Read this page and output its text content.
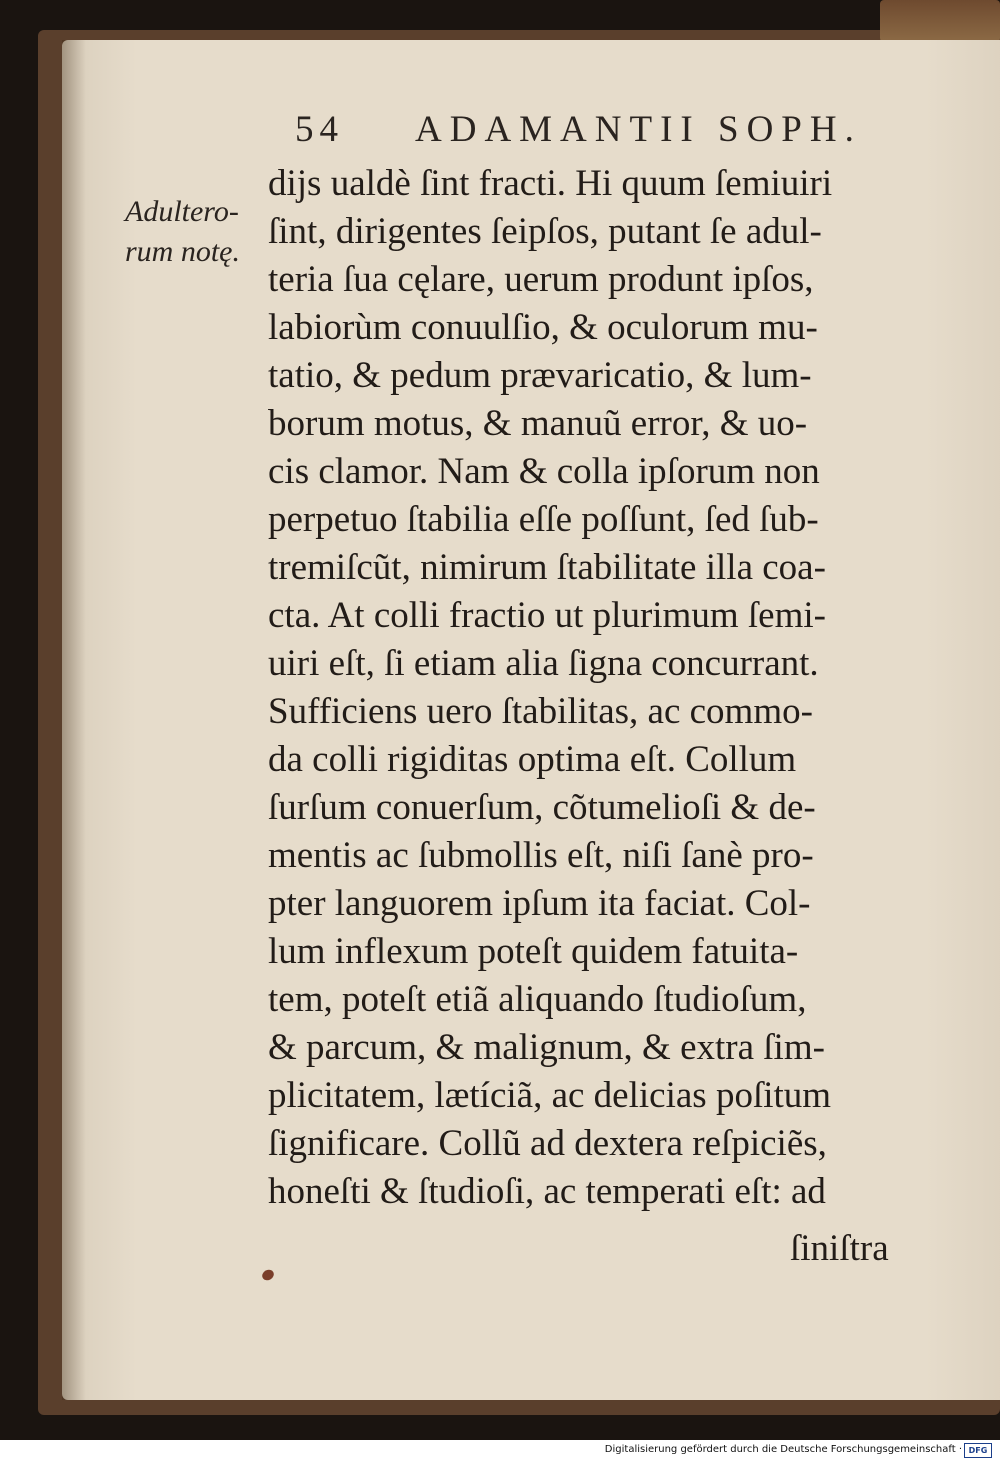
54 ADAMANTII SOPH.
Adultero-
rum notę.
dijs ualdè ſint fracti. Hi quum ſemiuiri
ſint, dirigentes ſeipſos, putant ſe adul-
teria ſua cęlare, uerum produnt ipſos,
labiorùm conuulſio, & oculorum mu-
tatio, & pedum prævaricatio, & lum-
borum motus, & manuũ error, & uo-
cis clamor. Nam & colla ipſorum non
perpetuo ſtabilia eſſe poſſunt, ſed ſub-
tremiſcũt, nimirum ſtabilitate illa coa-
cta. At colli fractio ut plurimum ſemi-
uiri eſt, ſi etiam alia ſigna concurrant.
Sufficiens uero ſtabilitas, ac commo-
da colli rigiditas optima eſt. Collum
ſurſum conuerſum, cõtumelioſi & de-
mentis ac ſubmollis eſt, niſi ſanè pro-
pter languorem ipſum ita faciat. Col-
lum inflexum poteſt quidem fatuita-
tem, poteſt etiã aliquando ſtudioſum,
& parcum, & malignum, & extra ſim-
plicitatem, lætíciã, ac delicias poſitum
ſignificare. Collũ ad dextera reſpiciẽs,
honeſti & ſtudioſi, ac temperati eſt: ad
ſiniſtra
Digitalisierung gefördert durch die Deutsche Forschungsgemeinschaft · DFG
